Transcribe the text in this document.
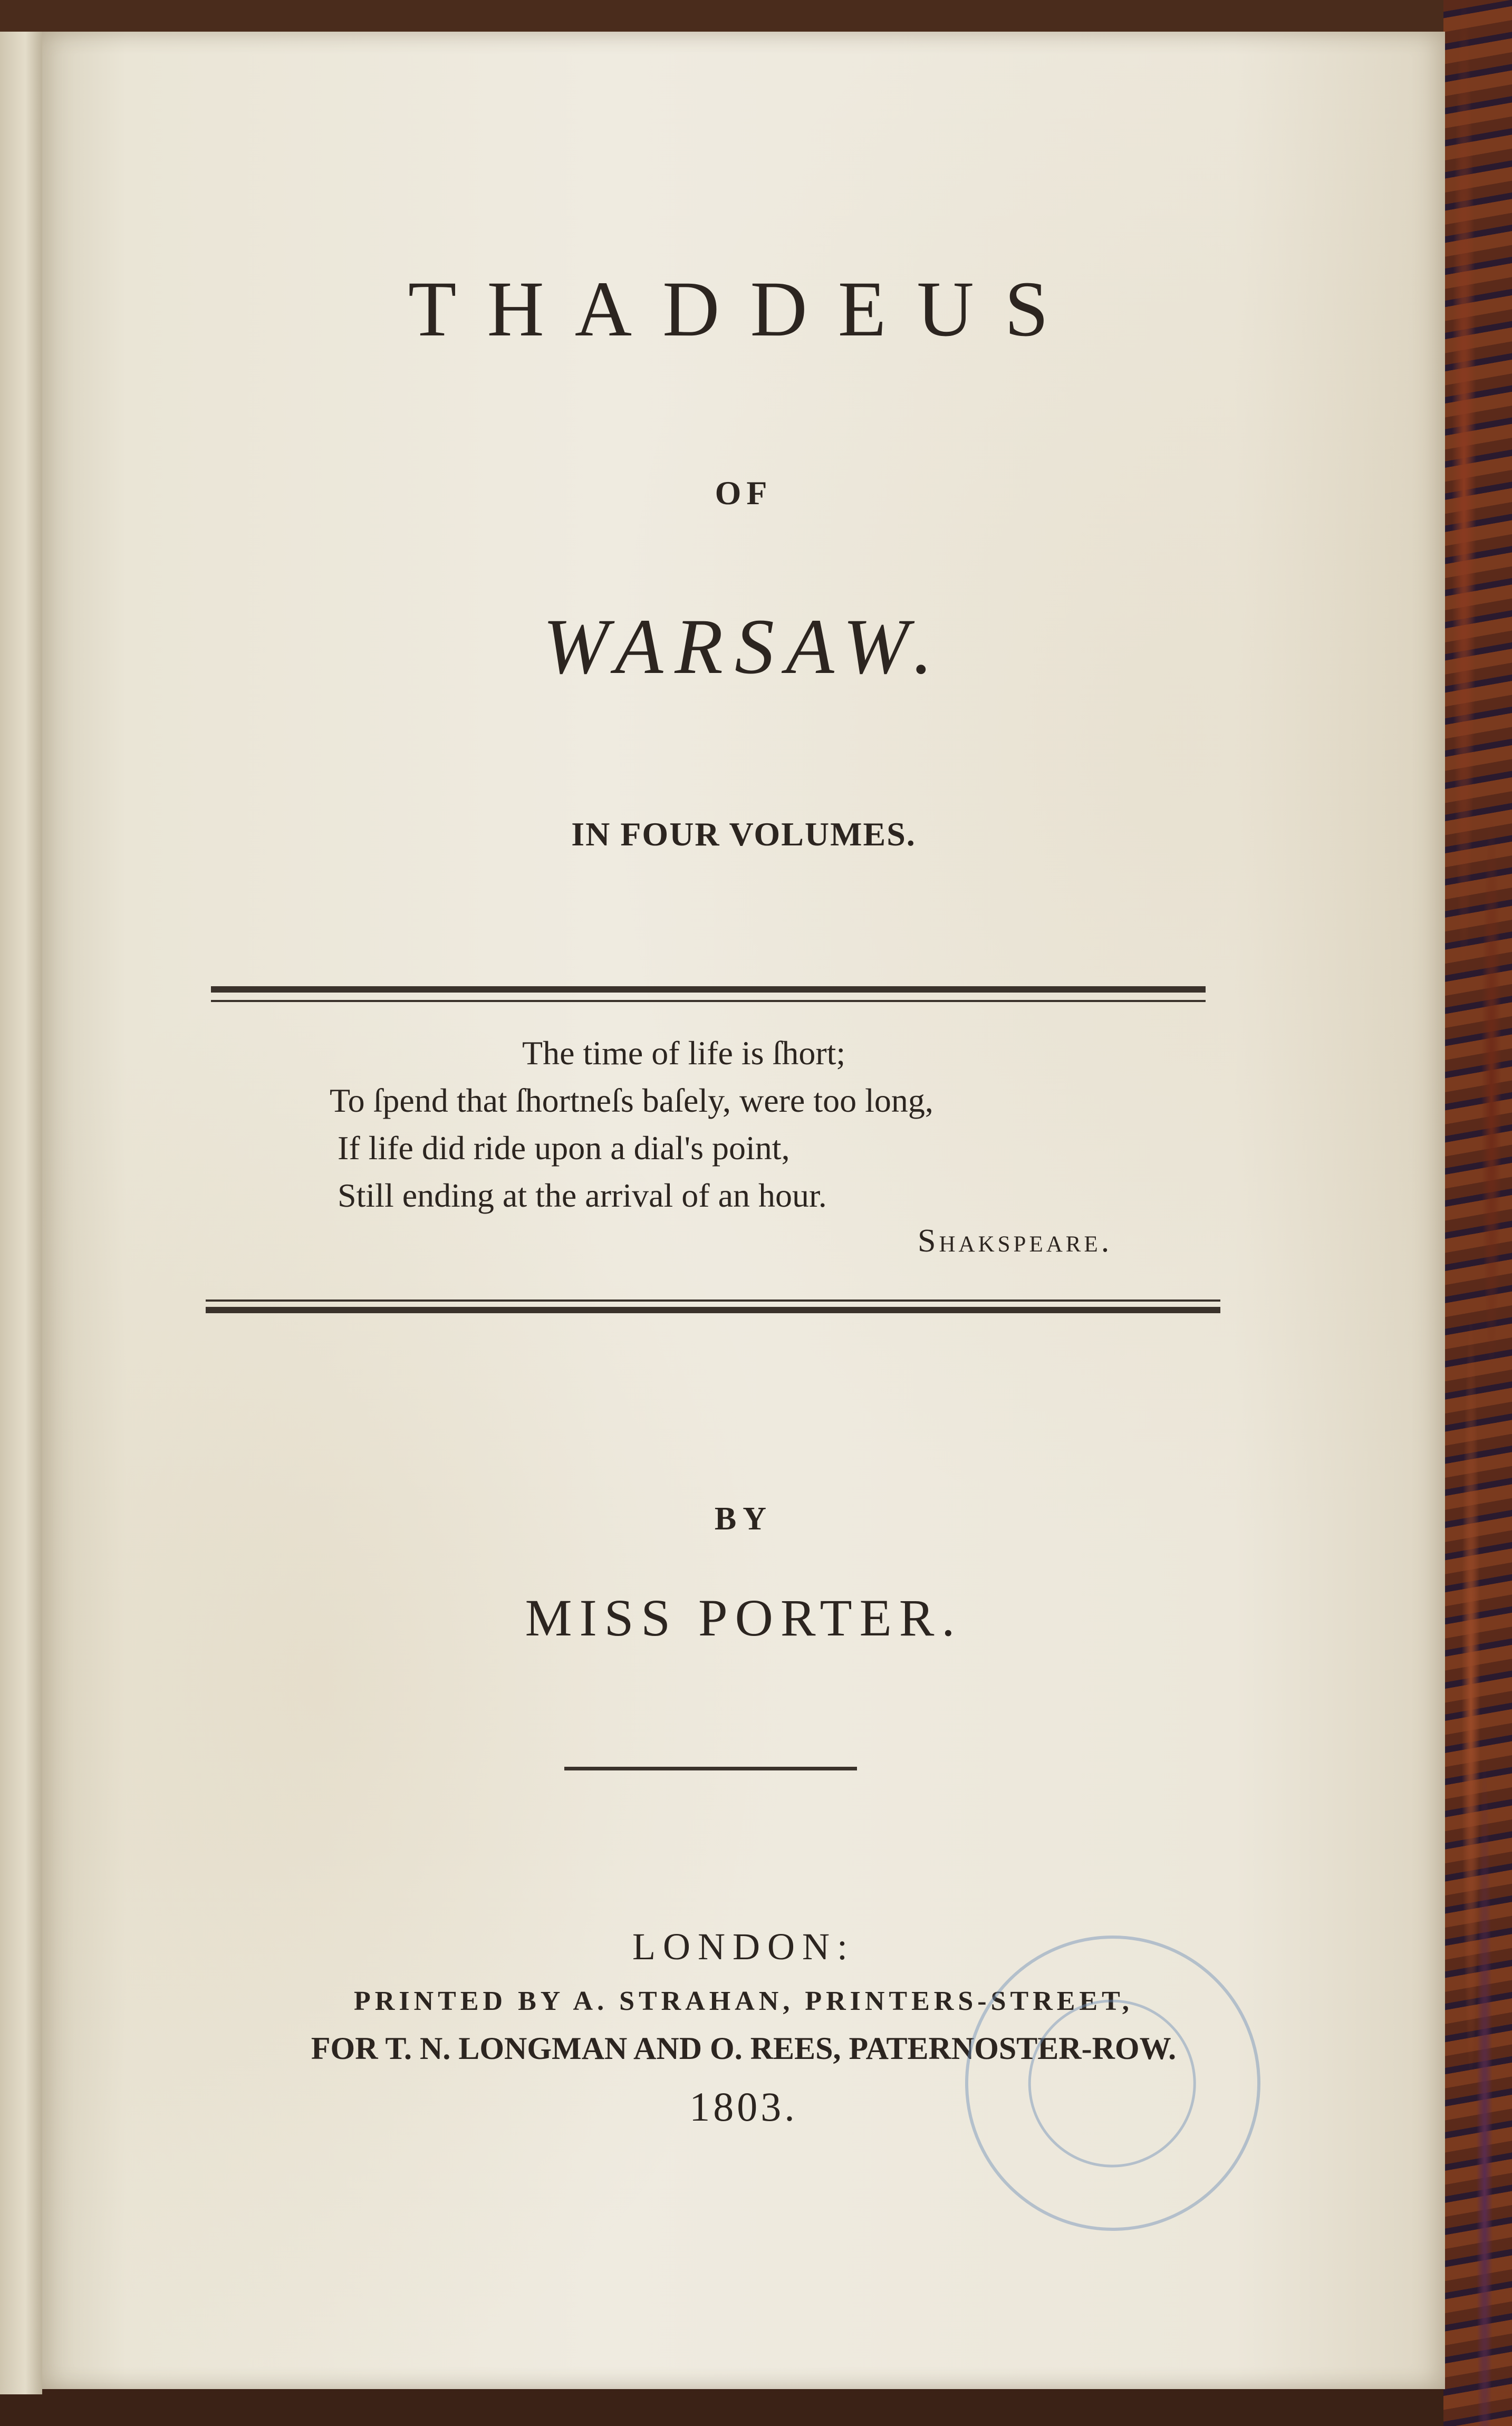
THADDEUS
OF
WARSAW.
IN FOUR VOLUMES.
The time of life is ſhort;
To ſpend that ſhortneſs baſely, were too long,
If life did ride upon a dial's point,
Still ending at the arrival of an hour.
Shakspeare.
BY
MISS PORTER.
LONDON:
PRINTED BY A. STRAHAN, PRINTERS-STREET,
FOR T. N. LONGMAN AND O. REES, PATERNOSTER-ROW.
1803.
